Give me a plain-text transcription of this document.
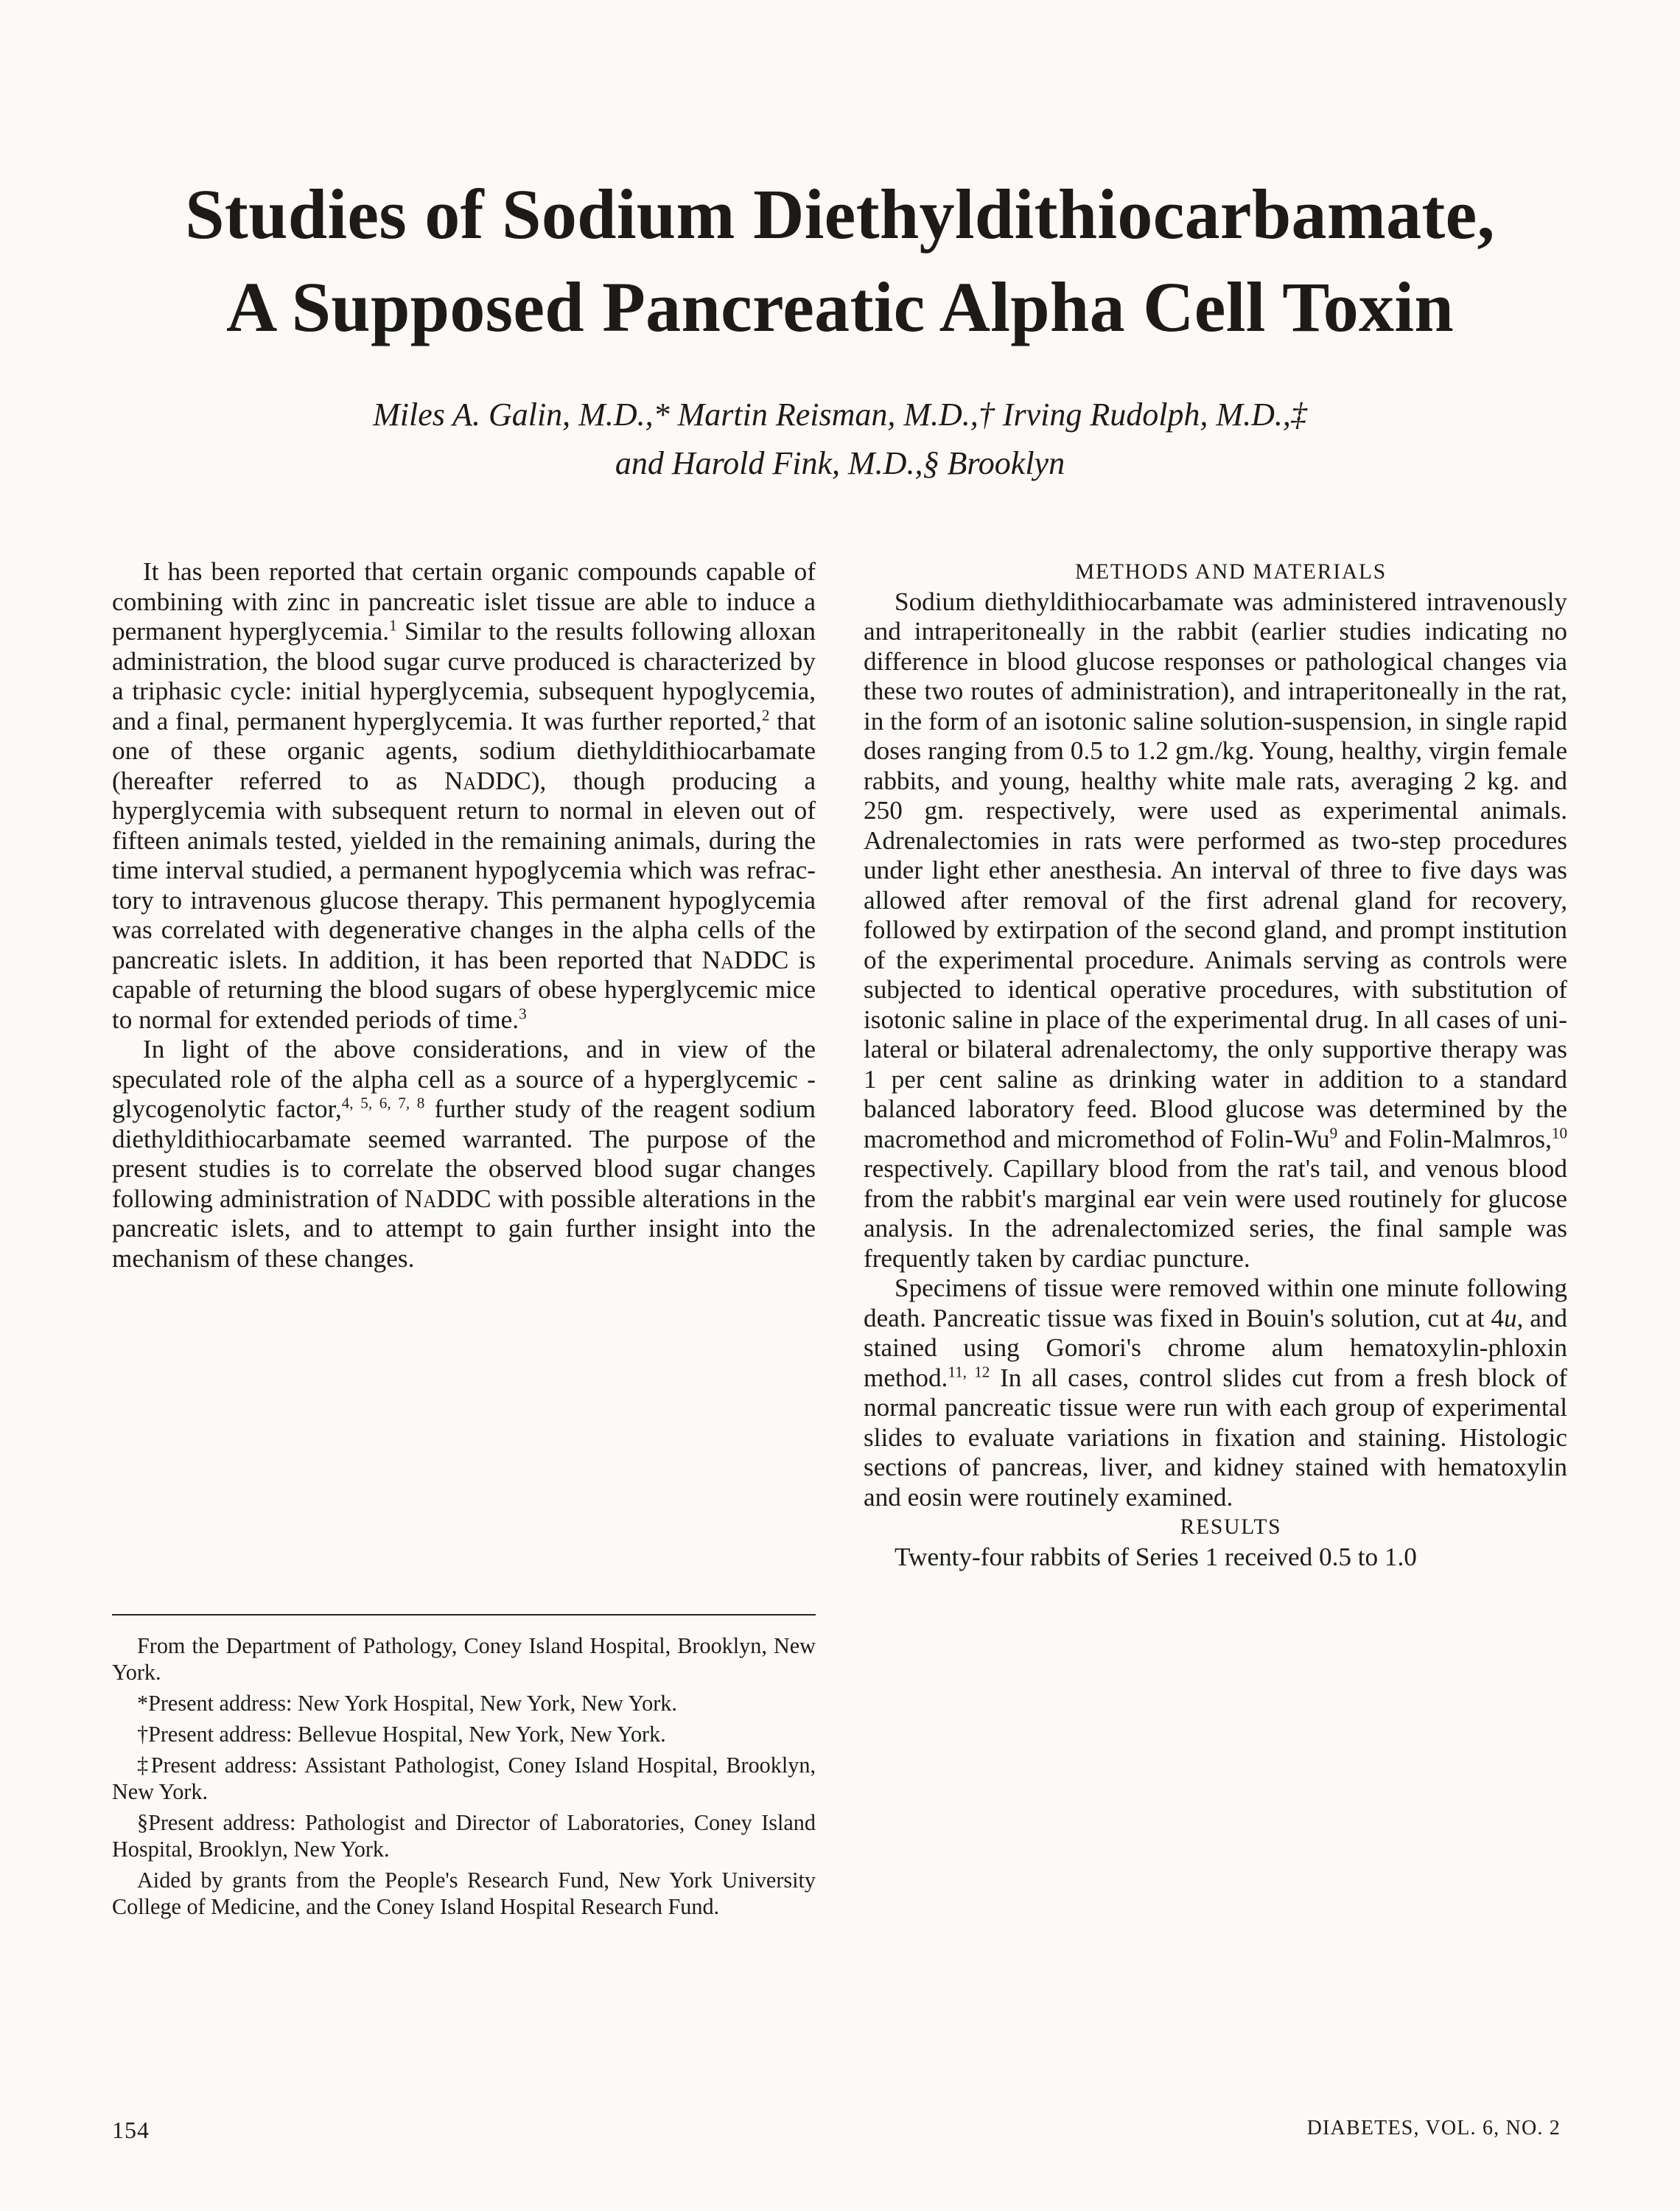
Studies of Sodium Diethyldithiocarbamate,
A Supposed Pancreatic Alpha Cell Toxin
Miles A. Galin, M.D.,* Martin Reisman, M.D.,† Irving Rudolph, M.D.,‡
and Harold Fink, M.D.,§ Brooklyn

It has been reported that certain organic compounds capable of combining with zinc in pancreatic islet tissue are able to induce a permanent hyperglycemia.$^1$ Similar to the results following alloxan administration, the blood sugar curve produced is characterized by a triphasic cycle: initial hyperglycemia, subsequent hypoglycemia, and a final, permanent hyperglycemia. It was further reported,$^2$ that one of these organic agents, sodium diethyldithiocarbamate (hereafter referred to as NaDDC), though producing a hyperglycemia with subsequent return to normal in eleven out of fifteen animals tested, yielded in the remaining animals, during the time interval studied, a permanent hypoglycemia which was refractory to intravenous glucose therapy. This permanent hypoglycemia was correlated with degenerative changes in the alpha cells of the pancreatic islets. In addition, it has been reported that NaDDC is capable of returning the blood sugars of obese hyperglycemic mice to normal for extended periods of time.$^3$

In light of the above considerations, and in view of the speculated role of the alpha cell as a source of a hyperglycemic - glycogenolytic factor,$^{4, 5, 6, 7, 8}$ further study of the reagent sodium diethyldithiocarbamate seemed warranted. The purpose of the present studies is to correlate the observed blood sugar changes following administration of NaDDC with possible alterations in the pancreatic islets, and to attempt to gain further insight into the mechanism of these changes.

From the Department of Pathology, Coney Island Hospital, Brooklyn, New York.

*Present address: New York Hospital, New York, New York.

†Present address: Bellevue Hospital, New York, New York.

‡Present address: Assistant Pathologist, Coney Island Hospital, Brooklyn, New York.

§Present address: Pathologist and Director of Laboratories, Coney Island Hospital, Brooklyn, New York.

Aided by grants from the People's Research Fund, New York University College of Medicine, and the Coney Island Hospital Research Fund.

METHODS AND MATERIALS

Sodium diethyldithiocarbamate was administered intravenously and intraperitoneally in the rabbit (earlier studies indicating no difference in blood glucose responses or pathological changes via these two routes of administration), and intraperitoneally in the rat, in the form of an isotonic saline solution-suspension, in single rapid doses ranging from 0.5 to 1.2 gm./kg. Young, healthy, virgin female rabbits, and young, healthy white male rats, averaging 2 kg. and 250 gm. respectively, were used as experimental animals. Adrenalectomies in rats were performed as two-step procedures under light ether anesthesia. An interval of three to five days was allowed after removal of the first adrenal gland for recovery, followed by extirpation of the second gland, and prompt institution of the experimental procedure. Animals serving as controls were subjected to identical operative procedures, with substitution of isotonic saline in place of the experimental drug. In all cases of unilateral or bilateral adrenalectomy, the only supportive therapy was 1 per cent saline as drinking water in addition to a standard balanced laboratory feed. Blood glucose was determined by the macromethod and micromethod of Folin-Wu$^9$ and Folin-Malmros,$^{10}$ respectively. Capillary blood from the rat's tail, and venous blood from the rabbit's marginal ear vein were used routinely for glucose analysis. In the adrenalectomized series, the final sample was frequently taken by cardiac puncture.

Specimens of tissue were removed within one minute following death. Pancreatic tissue was fixed in Bouin's solution, cut at 4u, and stained using Gomori's chrome alum hematoxylin-phloxin method.$^{11, 12}$ In all cases, control slides cut from a fresh block of normal pancreatic tissue were run with each group of experimental slides to evaluate variations in fixation and staining. Histologic sections of pancreas, liver, and kidney stained with hematoxylin and eosin were routinely examined.

RESULTS

Twenty-four rabbits of Series 1 received 0.5 to 1.0

154	DIABETES, VOL. 6, NO. 2
